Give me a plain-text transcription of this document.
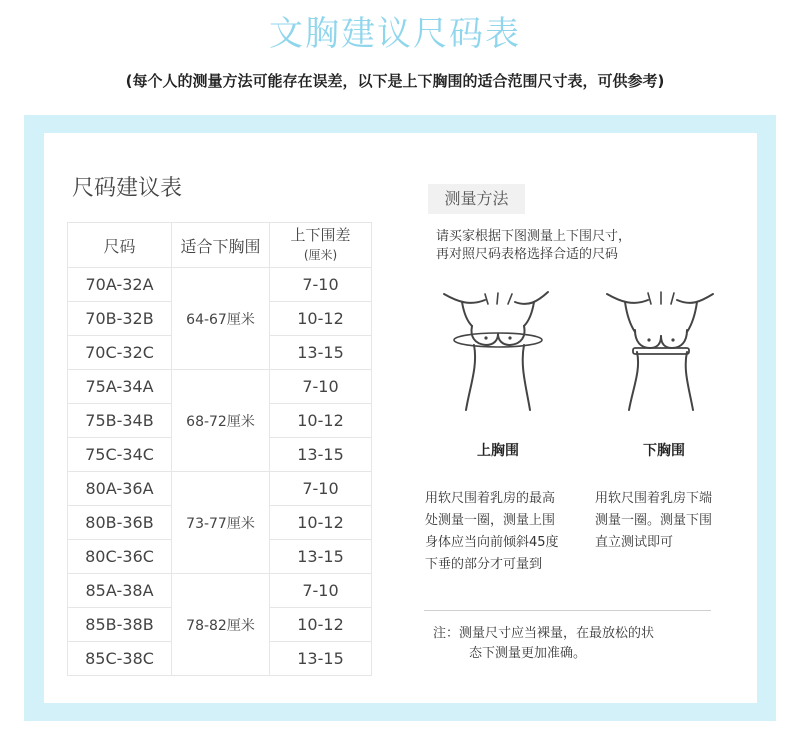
文胸建议尺码表
(每个人的测量方法可能存在误差，以下是上下胸围的适合范围尺寸表，可供参考)
尺码建议表
尺码	适合下胸围	上下围差
(厘米)
70A-32A	64-67厘米	7-10
70B-32B		10-12
70C-32C		13-15
75A-34A	68-72厘米	7-10
75B-34B		10-12
75C-34C		13-15
80A-36A	73-77厘米	7-10
80B-36B		10-12
80C-36C		13-15
85A-38A	78-82厘米	7-10
85B-38B		10-12
85C-38C		13-15
测量方法
请买家根据下图测量上下围尺寸，
再对照尺码表格选择合适的尺码
上胸围	下胸围
用软尺围着乳房的最高
处测量一圈，测量上围
身体应当向前倾斜45度
下垂的部分才可量到
用软尺围着乳房下端
测量一圈。测量下围
直立测试即可
注：测量尺寸应当裸量，在最放松的状
态下测量更加准确。
